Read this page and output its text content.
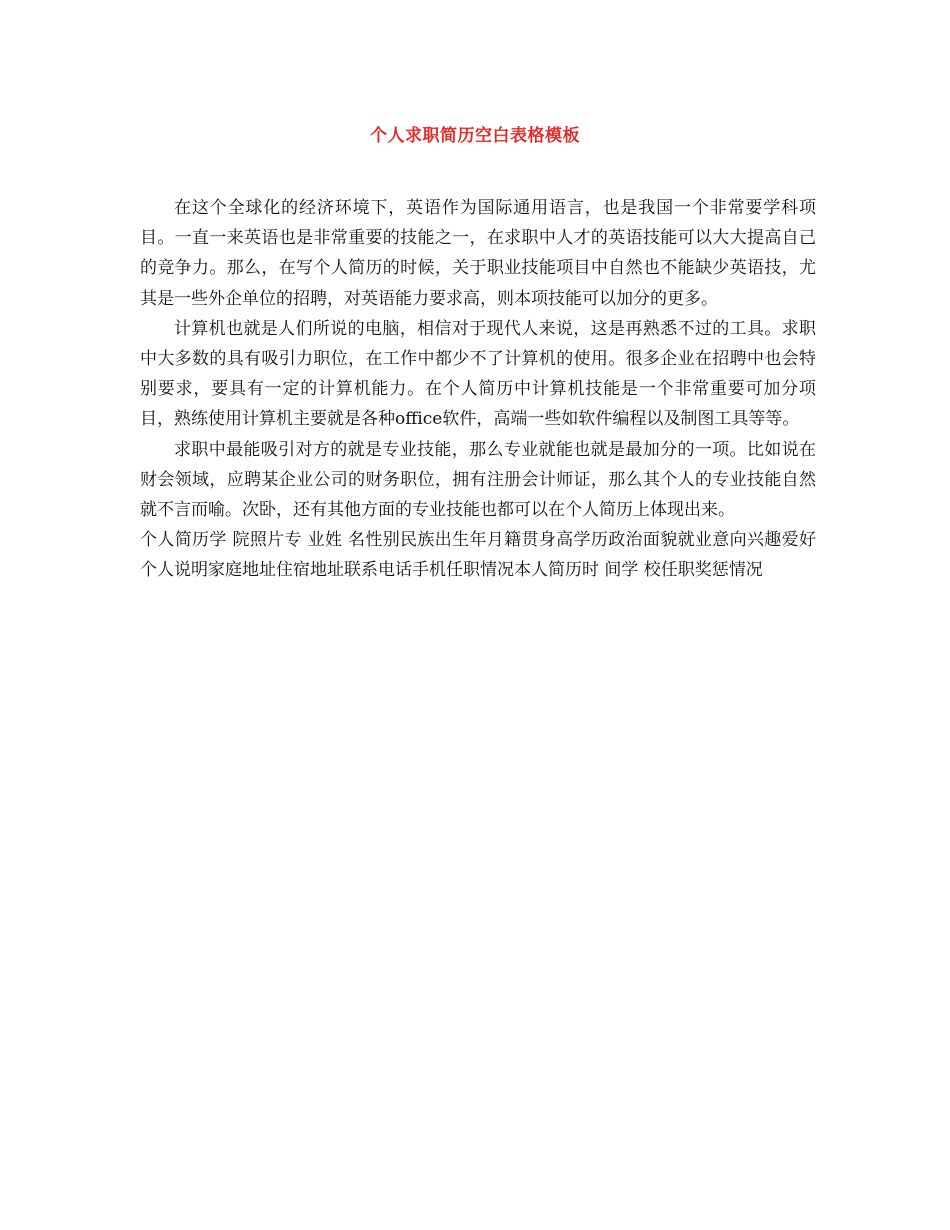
个人求职简历空白表格模板

在这个全球化的经济环境下，英语作为国际通用语言，也是我国一个非常要学科项目。一直一来英语也是非常重要的技能之一，在求职中人才的英语技能可以大大提高自己的竞争力。那么，在写个人简历的时候，关于职业技能项目中自然也不能缺少英语技，尤其是一些外企单位的招聘，对英语能力要求高，则本项技能可以加分的更多。

计算机也就是人们所说的电脑，相信对于现代人来说，这是再熟悉不过的工具。求职中大多数的具有吸引力职位，在工作中都少不了计算机的使用。很多企业在招聘中也会特别要求，要具有一定的计算机能力。在个人简历中计算机技能是一个非常重要可加分项目，熟练使用计算机主要就是各种office软件，高端一些如软件编程以及制图工具等等。

求职中最能吸引对方的就是专业技能，那么专业就能也就是最加分的一项。比如说在财会领域，应聘某企业公司的财务职位，拥有注册会计师证，那么其个人的专业技能自然就不言而喻。次卧，还有其他方面的专业技能也都可以在个人简历上体现出来。

个人简历学 院照片专 业姓 名性别民族出生年月籍贯身高学历政治面貌就业意向兴趣爱好个人说明家庭地址住宿地址联系电话手机任职情况本人简历时 间学 校任职奖惩情况
